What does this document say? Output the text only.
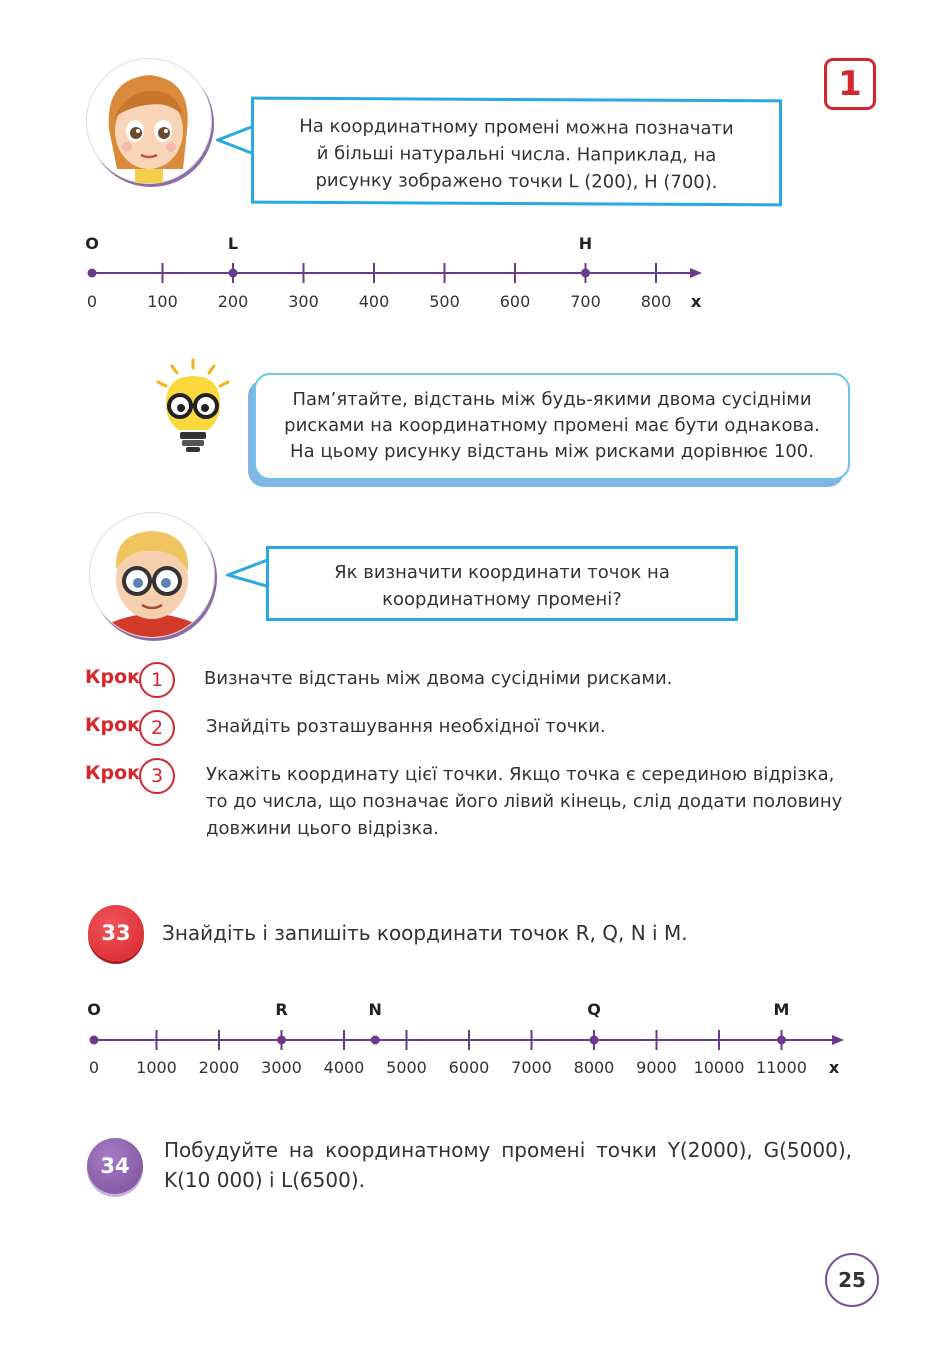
1
На координатному промені можна позначати
й більші натуральні числа. Наприклад, на
рисунку зображено точки L (200), H (700).
O
0	100 200 300 400 500 600 700 800 x
L	H
Пам’ятайте, відстань між будь-якими двома сусідніми
рисками на координатному промені має бути однакова.
На цьому рисунку відстань між рисками дорівнює 100.
Як визначити координати точок на
координатному промені?
Крок 1	Визначте відстань між двома сусідніми рисками.
Крок 2	Знайдіть розташування необхідної точки.
Крок 3	Укажіть координату цієї точки. Якщо точка є серединою відрізка,
то до числа, що позначає його лівий кінець, слід додати половину
довжини цього відрізка.
33	Знайдіть і запишіть координати точок R, Q, N і M.
O
0 1000 2000 3000 4000 5000 6000 7000 8000 9000 10000 11000 x
R	N	Q	M
34
Побудуйте на координатному промені точки Y(2000), G(5000),
K(10 000) і L(6500).
25
